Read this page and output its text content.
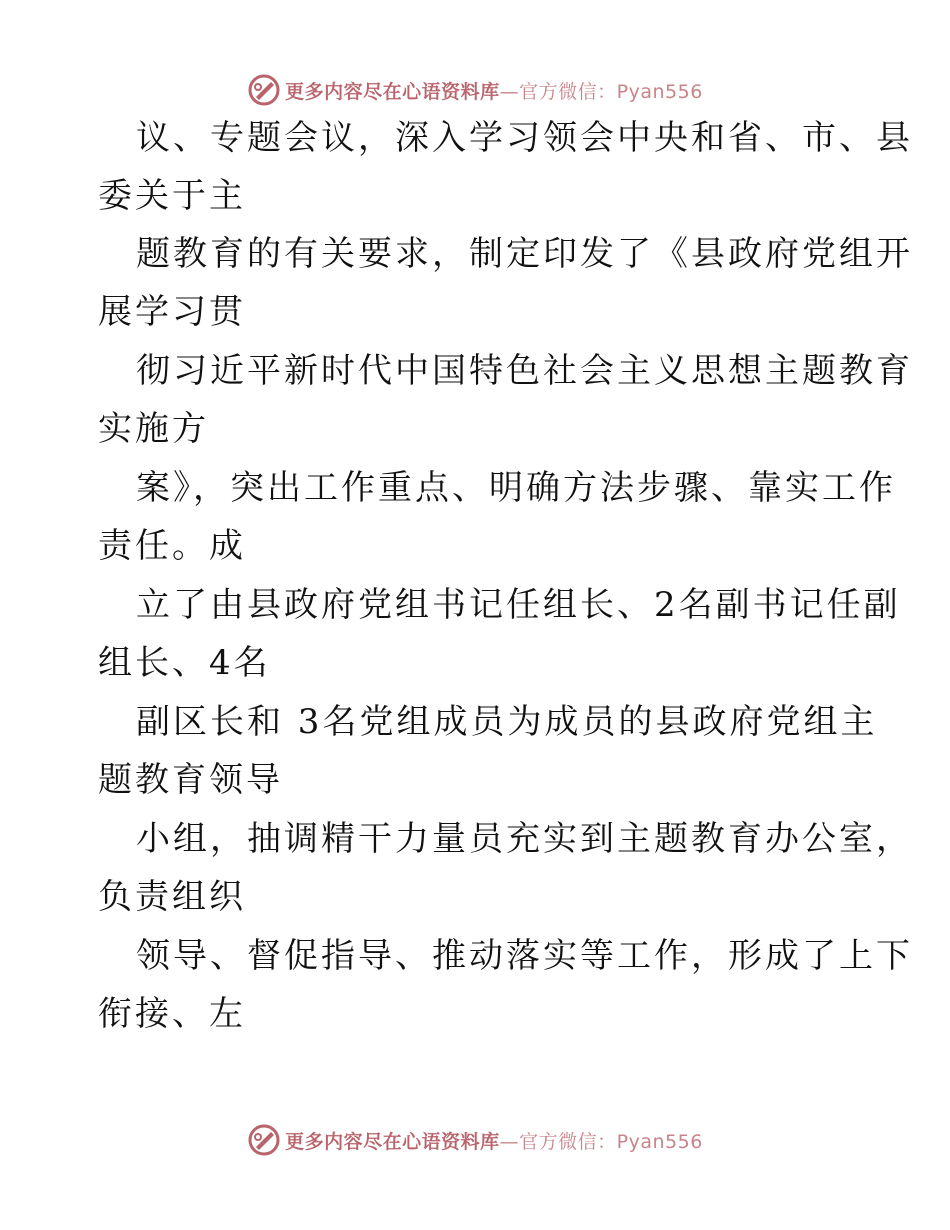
更多内容尽在心语资料库—官方微信：Pyan556
议、专题会议，深入学习领会中央和省、市、县
委关于主
题教育的有关要求，制定印发了《县政府党组开
展学习贯
彻习近平新时代中国特色社会主义思想主题教育
实施方
案》，突出工作重点、明确方法步骤、靠实工作
责任。成
立了由县政府党组书记任组长、2名副书记任副
组长、4名
副区长和 3名党组成员为成员的县政府党组主
题教育领导
小组，抽调精干力量员充实到主题教育办公室，
负责组织
领导、督促指导、推动落实等工作，形成了上下
衔接、左
更多内容尽在心语资料库—官方微信：Pyan556
